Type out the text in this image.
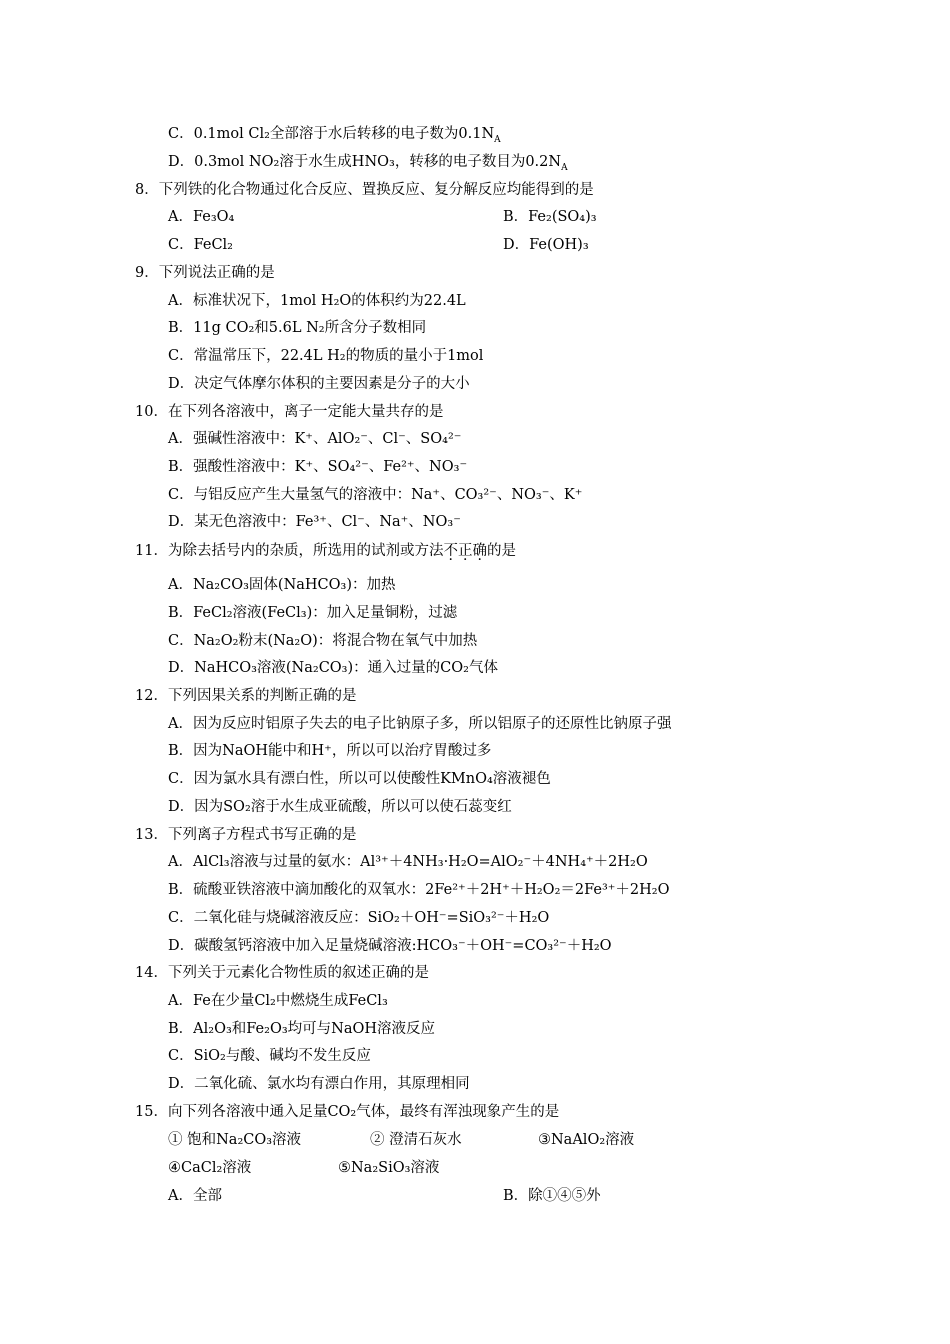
C．0.1mol Cl₂全部溶于水后转移的电子数为$0.1N_A$
D．0.3mol NO₂溶于水生成HNO₃，转移的电子数目为$0.2N_A$
8．下列铁的化合物通过化合反应、置换反应、复分解反应均能得到的是
A．Fe₃O₄	B．Fe₂(SO₄)₃
C．FeCl₂	D．Fe(OH)₃
9．下列说法正确的是
A．标准状况下，1mol H₂O的体积约为22.4L
B．11g CO₂和5.6L N₂所含分子数相同
C．常温常压下，22.4L H₂的物质的量小于1mol
D．决定气体摩尔体积的主要因素是分子的大小
10．在下列各溶液中，离子一定能大量共存的是
A．强碱性溶液中：K⁺、AlO₂⁻、Cl⁻、SO₄²⁻
B．强酸性溶液中：K⁺、SO₄²⁻、Fe²⁺、NO₃⁻
C．与铝反应产生大量氢气的溶液中：Na⁺、CO₃²⁻、NO₃⁻、K⁺
D．某无色溶液中：Fe³⁺、Cl⁻、Na⁺、NO₃⁻
11．为除去括号内的杂质，所选用的试剂或方法不正确的是
A．Na₂CO₃固体(NaHCO₃)：加热
B．FeCl₂溶液(FeCl₃)：加入足量铜粉，过滤
C．Na₂O₂粉末(Na₂O)：将混合物在氧气中加热
D．NaHCO₃溶液(Na₂CO₃)：通入过量的CO₂气体
12．下列因果关系的判断正确的是
A．因为反应时铝原子失去的电子比钠原子多，所以铝原子的还原性比钠原子强
B．因为NaOH能中和H⁺，所以可以治疗胃酸过多
C．因为氯水具有漂白性，所以可以使酸性KMnO₄溶液褪色
D．因为SO₂溶于水生成亚硫酸，所以可以使石蕊变红
13．下列离子方程式书写正确的是
A．AlCl₃溶液与过量的氨水：Al³⁺＋4NH₃·H₂O=AlO₂⁻＋4NH₄⁺＋2H₂O
B．硫酸亚铁溶液中滴加酸化的双氧水：2Fe²⁺＋2H⁺＋H₂O₂＝2Fe³⁺＋2H₂O
C．二氧化硅与烧碱溶液反应：SiO₂＋OH⁻=SiO₃²⁻＋H₂O
D．碳酸氢钙溶液中加入足量烧碱溶液:HCO₃⁻＋OH⁻=CO₃²⁻＋H₂O
14．下列关于元素化合物性质的叙述正确的是
A．Fe在少量Cl₂中燃烧生成FeCl₃
B．Al₂O₃和Fe₂O₃均可与NaOH溶液反应
C．SiO₂与酸、碱均不发生反应
D．二氧化硫、氯水均有漂白作用，其原理相同
15．向下列各溶液中通入足量CO₂气体，最终有浑浊现象产生的是
① 饱和Na₂CO₃溶液	② 澄清石灰水	③NaAlO₂溶液
④CaCl₂溶液	⑤Na₂SiO₃溶液
A．全部	B．除①④⑤外
